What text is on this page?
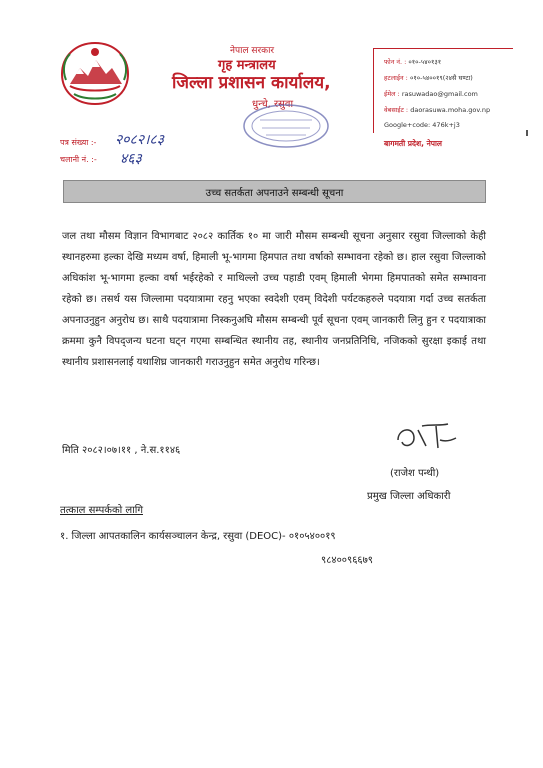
नेपाल सरकार
गृह मन्त्रालय
जिल्ला प्रशासन कार्यालय,
धुन्चे, रसुवा
फोन नं. : ०१०-५४०१३१
हटलाईन : ०१०-५४००१९(२४सै घण्टा)
ईमेल : rasuwadao@gmail.com
वेबसाईट : daorasuwa.moha.gov.np
Google+code: 476k+j3
बागमती प्रदेश, नेपाल
पत्र संख्या :- २०८२।८३
चलानी नं. :- ४६३
उच्च सतर्कता अपनाउने सम्बन्धी सूचना
जल तथा मौसम विज्ञान विभागबाट २०८२ कार्तिक १० मा जारी मौसम सम्बन्धी सूचना अनुसार रसुवा जिल्लाको केही स्थानहरुमा हल्का देखि मध्यम वर्षा, हिमाली भू-भागमा हिमपात तथा वर्षाको सम्भावना रहेको छ। हाल रसुवा जिल्लाको अधिकांश भू-भागमा हल्का वर्षा भईरहेको र माथिल्लो उच्च पहाडी एवम् हिमाली भेगमा हिमपातको समेत सम्भावना रहेको छ। तसर्थ यस जिल्लामा पदयात्रामा रहनु भएका स्वदेशी एवम् विदेशी पर्यटकहरुले पदयात्रा गर्दा उच्च सतर्कता अपनाउनुहुन अनुरोध छ। साथै पदयात्रामा निस्कनुअघि मौसम सम्बन्धी पूर्व सूचना एवम् जानकारी लिनु हुन र पदयात्राका क्रममा कुनै विपद्जन्य घटना घट्न गएमा सम्बन्धित स्थानीय तह, स्थानीय जनप्रतिनिधि, नजिकको सुरक्षा इकाई तथा स्थानीय प्रशासनलाई यथाशिघ्र जानकारी गराउनुहुन समेत अनुरोध गरिन्छ।
मिति २०८२।०७।११ , ने.स.११४६
(राजेश पन्थी)
प्रमुख जिल्ला अधिकारी
तत्काल सम्पर्कको लागि
१. जिल्ला आपतकालिन कार्यसञ्चालन केन्द्र, रसुवा (DEOC)- ०१०५४००१९
९८४००९६६७९
